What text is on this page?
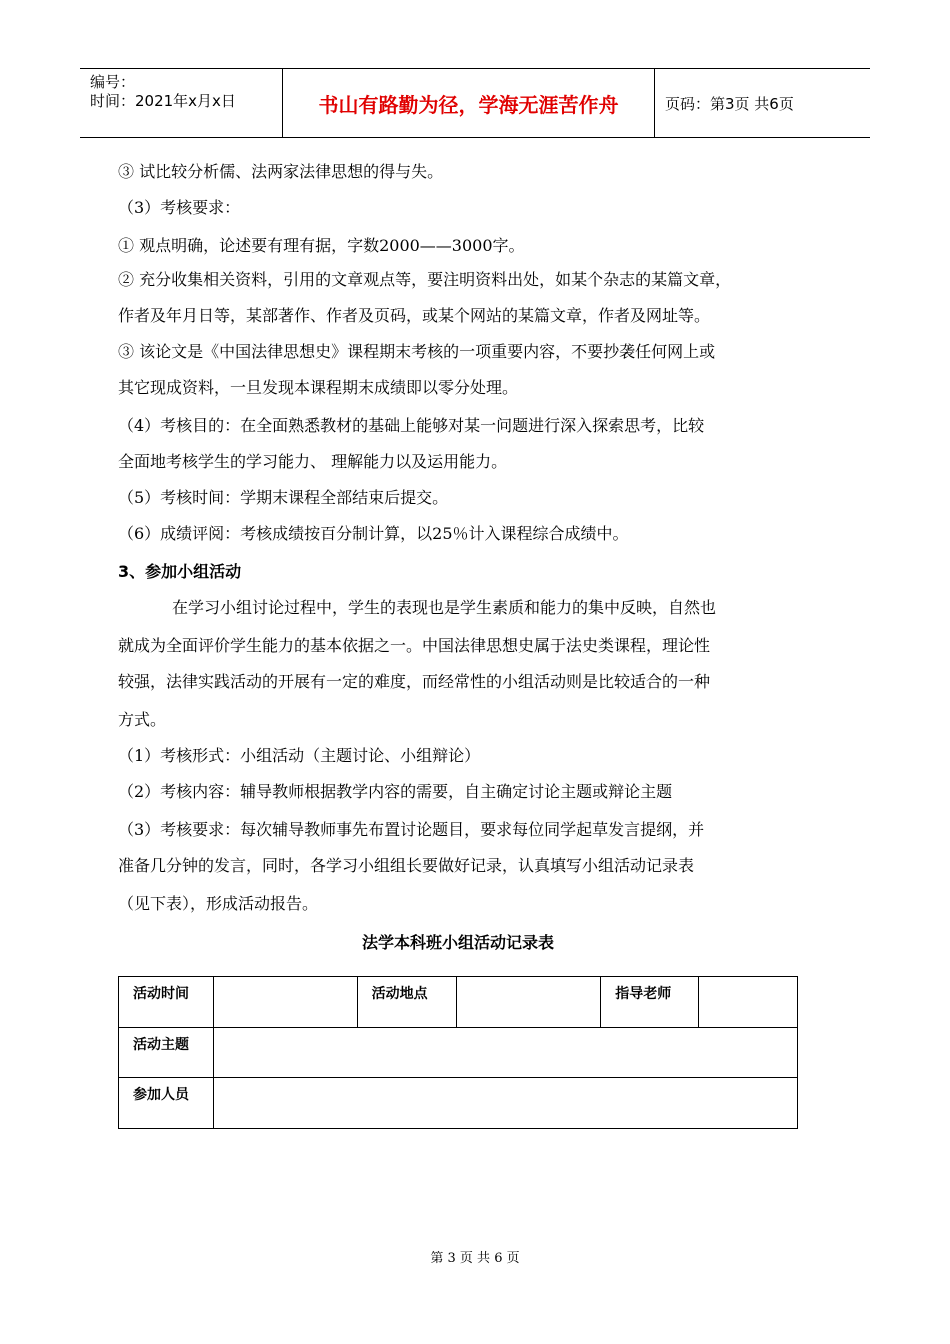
编号：
时间：2021年x月x日	书山有路勤为径，学海无涯苦作舟	页码：第3页 共6页
③ 试比较分析儒、法两家法律思想的得与失。
（3）考核要求：
① 观点明确，论述要有理有据，字数2000——3000字。
② 充分收集相关资料，引用的文章观点等，要注明资料出处，如某个杂志的某篇文章，
作者及年月日等，某部著作、作者及页码，或某个网站的某篇文章，作者及网址等。
③ 该论文是《中国法律思想史》课程期末考核的一项重要内容，不要抄袭任何网上或
其它现成资料，一旦发现本课程期末成绩即以零分处理。
（4）考核目的：在全面熟悉教材的基础上能够对某一问题进行深入探索思考，比较
全面地考核学生的学习能力、 理解能力以及运用能力。
（5）考核时间：学期末课程全部结束后提交。
（6）成绩评阅：考核成绩按百分制计算，以25％计入课程综合成绩中。
3、参加小组活动
在学习小组讨论过程中，学生的表现也是学生素质和能力的集中反映，自然也
就成为全面评价学生能力的基本依据之一。中国法律思想史属于法史类课程，理论性
较强，法律实践活动的开展有一定的难度，而经常性的小组活动则是比较适合的一种
方式。
（1）考核形式：小组活动（主题讨论、小组辩论）
（2）考核内容：辅导教师根据教学内容的需要，自主确定讨论主题或辩论主题
（3）考核要求：每次辅导教师事先布置讨论题目，要求每位同学起草发言提纲，并
准备几分钟的发言，同时，各学习小组组长要做好记录，认真填写小组活动记录表
（见下表），形成活动报告。
法学本科班小组活动记录表
活动时间		活动地点		指导老师	
活动主题					
参加人员					
第 3 页 共 6 页
